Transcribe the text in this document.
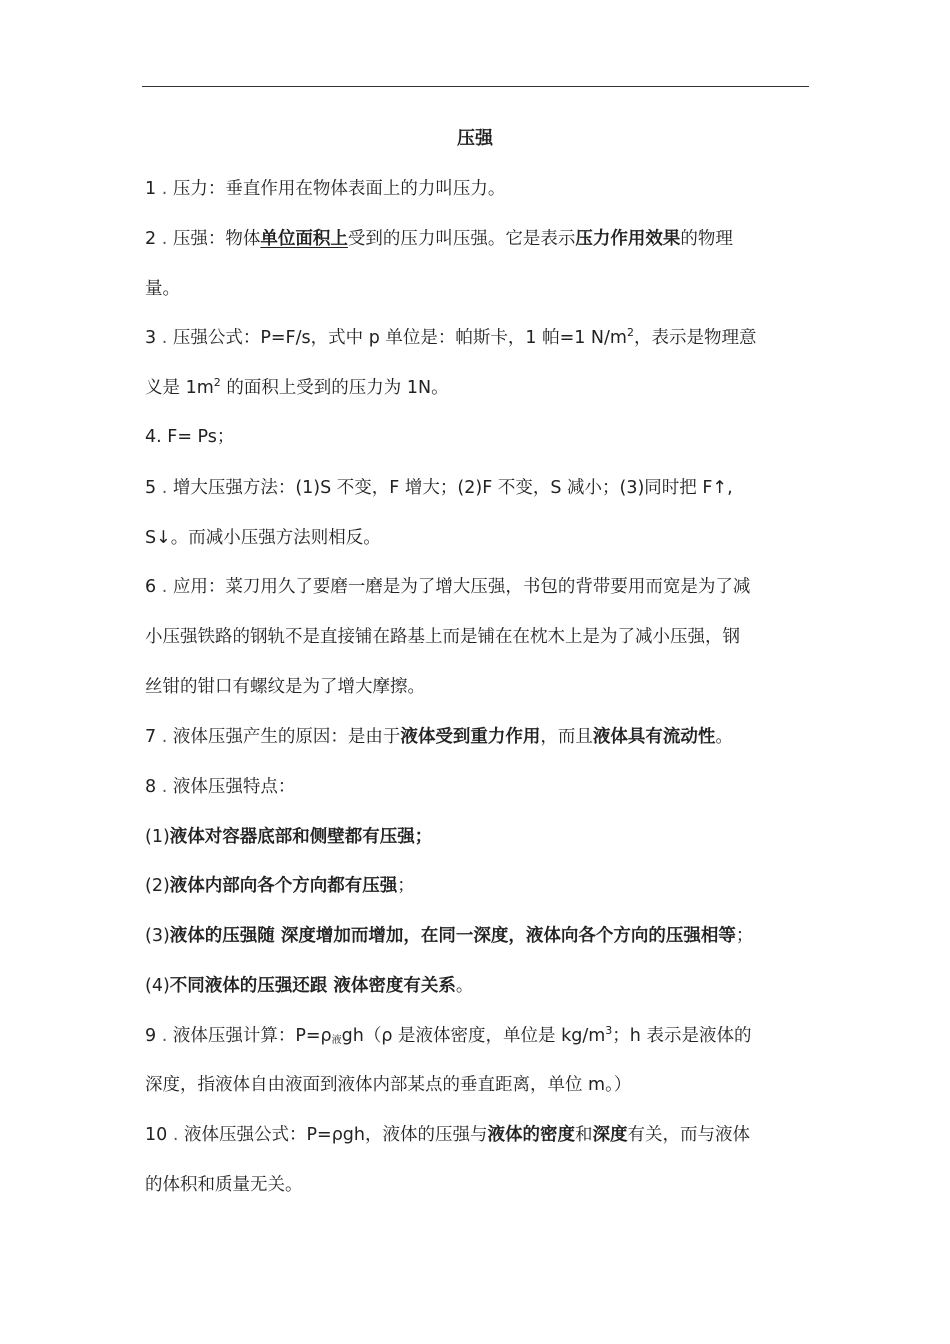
压强
1 . 压力：垂直作用在物体表面上的力叫压力。
2 . 压强：物体单位面积上受到的压力叫压强。它是表示压力作用效果的物理
量。
3 . 压强公式：P=F/s，式中 p 单位是：帕斯卡，1 帕=1 $N/m^2$，表示是物理意
义是 $1m^2$ 的面积上受到的压力为 1N。
4. F= Ps；
5 . 增大压强方法：(1)S 不变，F 增大；(2)F 不变，S 减小；(3)同时把 F↑,
S↓。而减小压强方法则相反。
6 . 应用：菜刀用久了要磨一磨是为了增大压强，书包的背带要用而宽是为了减
小压强铁路的钢轨不是直接铺在路基上而是铺在在枕木上是为了减小压强，钢
丝钳的钳口有螺纹是为了增大摩擦。
7 . 液体压强产生的原因：是由于液体受到重力作用，而且液体具有流动性。
8 . 液体压强特点：
(1)液体对容器底部和侧壁都有压强；
(2)液体内部向各个方向都有压强；
(3)液体的压强随 深度增加而增加，在同一深度，液体向各个方向的压强相等；
(4)不同液体的压强还跟 液体密度有关系。
9 . 液体压强计算：P=ρ液gh（ρ 是液体密度，单位是 $kg/m^3$；h 表示是液体的
深度，指液体自由液面到液体内部某点的垂直距离，单位 m。）
10 . 液体压强公式：P=ρgh，液体的压强与液体的密度和深度有关，而与液体
的体积和质量无关。
